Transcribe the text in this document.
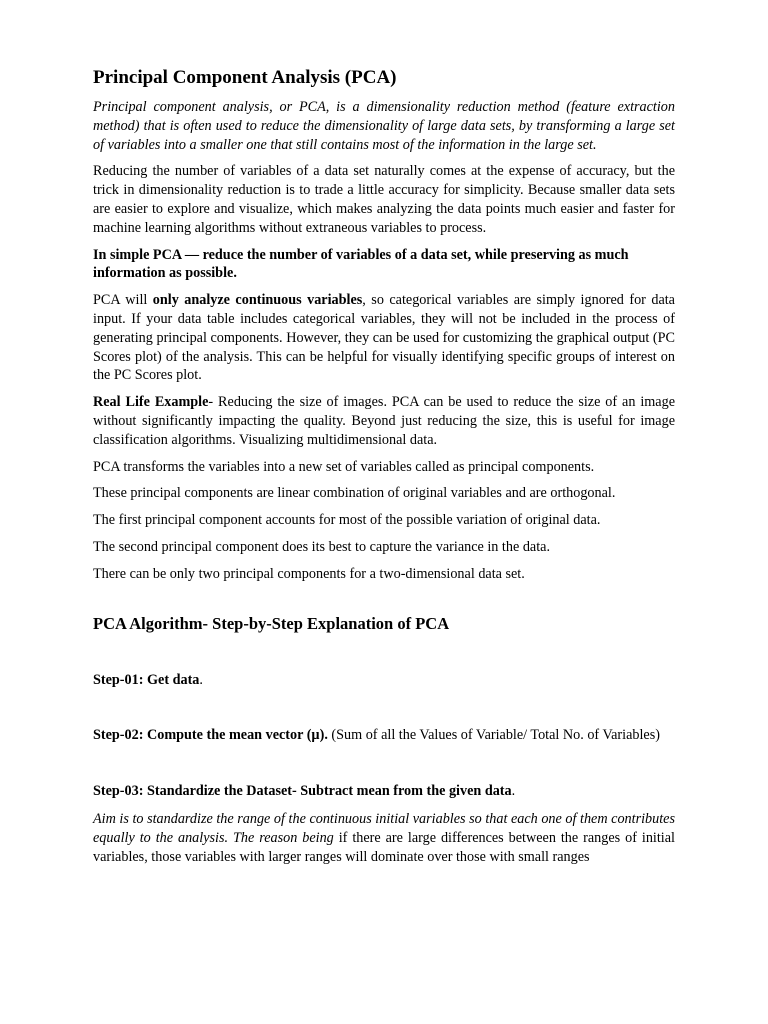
Principal Component Analysis (PCA)

Principal component analysis, or PCA, is a dimensionality reduction method (feature extraction method) that is often used to reduce the dimensionality of large data sets, by transforming a large set of variables into a smaller one that still contains most of the information in the large set.

Reducing the number of variables of a data set naturally comes at the expense of accuracy, but the trick in dimensionality reduction is to trade a little accuracy for simplicity. Because smaller data sets are easier to explore and visualize, which makes analyzing the data points much easier and faster for machine learning algorithms without extraneous variables to process.

In simple PCA — reduce the number of variables of a data set, while preserving as much information as possible.

PCA will only analyze continuous variables, so categorical variables are simply ignored for data input. If your data table includes categorical variables, they will not be included in the process of generating principal components. However, they can be used for customizing the graphical output (PC Scores plot) of the analysis. This can be helpful for visually identifying specific groups of interest on the PC Scores plot.

Real Life Example- Reducing the size of images. PCA can be used to reduce the size of an image without significantly impacting the quality. Beyond just reducing the size, this is useful for image classification algorithms. Visualizing multidimensional data.

PCA transforms the variables into a new set of variables called as principal components.

These principal components are linear combination of original variables and are orthogonal.

The first principal component accounts for most of the possible variation of original data.

The second principal component does its best to capture the variance in the data.

There can be only two principal components for a two-dimensional data set.

PCA Algorithm- Step-by-Step Explanation of PCA

Step-01: Get data.

Step-02: Compute the mean vector (µ). (Sum of all the Values of Variable/ Total No. of Variables)

Step-03: Standardize the Dataset- Subtract mean from the given data.

Aim is to standardize the range of the continuous initial variables so that each one of them contributes equally to the analysis. The reason being if there are large differences between the ranges of initial variables, those variables with larger ranges will dominate over those with small ranges
